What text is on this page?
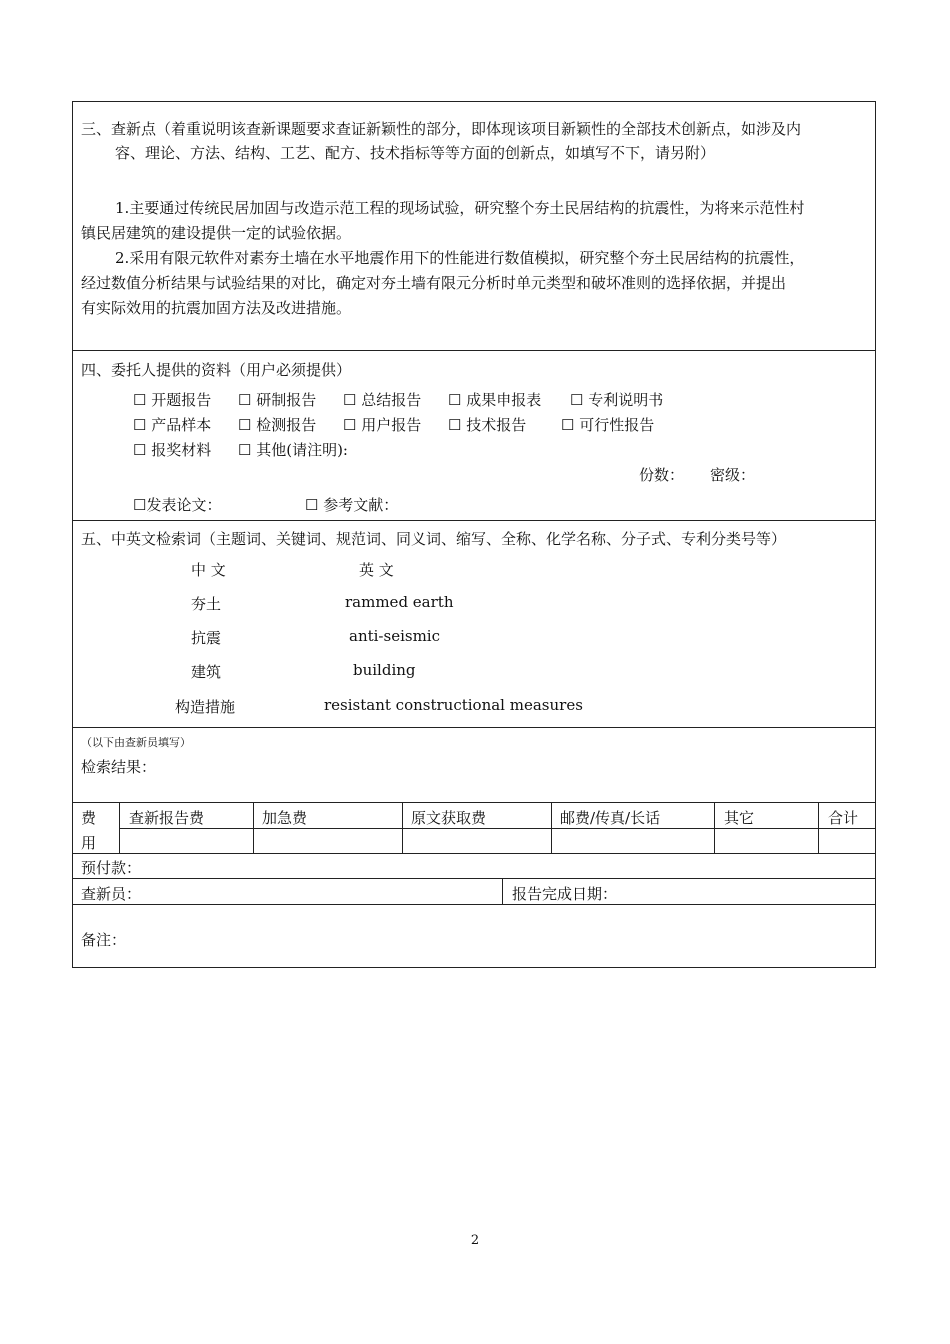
三、查新点（着重说明该查新课题要求查证新颖性的部分，即体现该项目新颖性的全部技术创新点，如涉及内
容、理论、方法、结构、工艺、配方、技术指标等等方面的创新点，如填写不下，请另附）
1.主要通过传统民居加固与改造示范工程的现场试验，研究整个夯土民居结构的抗震性，为将来示范性村
镇民居建筑的建设提供一定的试验依据。
2.采用有限元软件对素夯土墙在水平地震作用下的性能进行数值模拟，研究整个夯土民居结构的抗震性，
经过数值分析结果与试验结果的对比，确定对夯土墙有限元分析时单元类型和破坏准则的选择依据，并提出
有实际效用的抗震加固方法及改进措施。
四、委托人提供的资料（用户必须提供）
☐ 开题报告 ☐ 研制报告 ☐ 总结报告 ☐ 成果申报表 ☐ 专利说明书
☐ 产品样本 ☐ 检测报告 ☐ 用户报告 ☐ 技术报告 ☐ 可行性报告
☐ 报奖材料 ☐ 其他(请注明):
份数： 密级：
☐发表论文：	☐ 参考文献：
五、中英文检索词（主题词、关键词、规范词、同义词、缩写、全称、化学名称、分子式、专利分类号等）
中 文	英 文
夯土	rammed earth
抗震	anti-seismic
建筑	building
构造措施	resistant constructional measures
（以下由查新员填写）
检索结果：
费
用
查新报告费	加急费	原文获取费	邮费/传真/长话	其它	合计
预付款：
查新员：	报告完成日期：
备注：
2
